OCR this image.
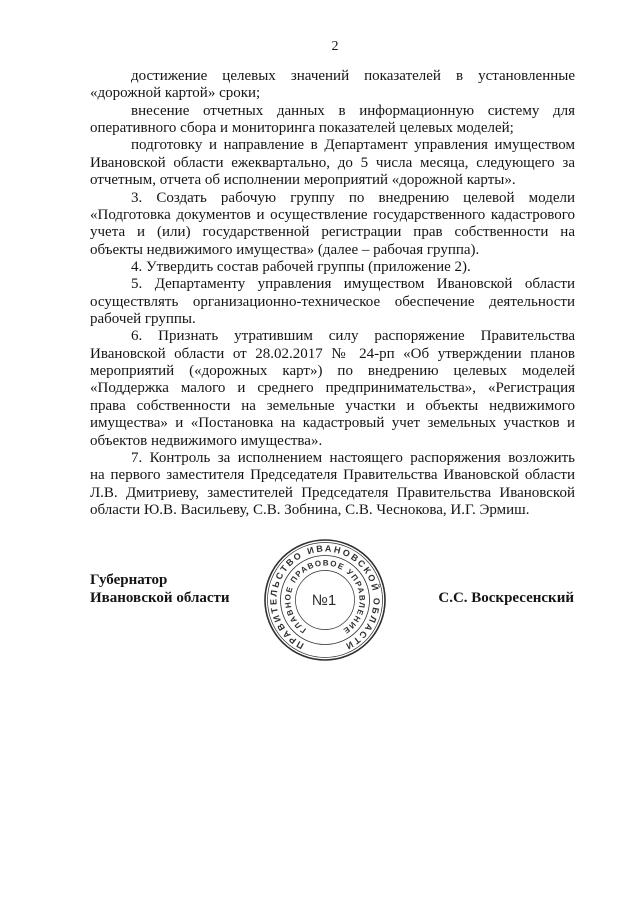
2
достижение целевых значений показателей в установленные
«дорожной картой» сроки;
внесение отчетных данных в информационную систему для
оперативного сбора и мониторинга показателей целевых моделей;
подготовку и направление в Департамент управления имуществом
Ивановской области ежеквартально, до 5 числа месяца, следующего за
отчетным, отчета об исполнении мероприятий «дорожной карты».
3. Создать рабочую группу по внедрению целевой модели
«Подготовка документов и осуществление государственного кадастрового
учета и (или) государственной регистрации прав собственности на
объекты недвижимого имущества» (далее – рабочая группа).
4. Утвердить состав рабочей группы (приложение 2).
5. Департаменту управления имуществом Ивановской области
осуществлять организационно-техническое обеспечение деятельности
рабочей группы.
6. Признать утратившим силу распоряжение Правительства
Ивановской области от 28.02.2017 № 24-рп «Об утверждении планов
мероприятий («дорожных карт») по внедрению целевых моделей
«Поддержка малого и среднего предпринимательства», «Регистрация
права собственности на земельные участки и объекты недвижимого
имущества» и «Постановка на кадастровый учет земельных участков и
объектов недвижимого имущества».
7. Контроль за исполнением настоящего распоряжения возложить
на первого заместителя Председателя Правительства Ивановской области
Л.В. Дмитриеву, заместителей Председателя Правительства Ивановской
области Ю.В. Васильеву, С.В. Зобнина, С.В. Чеснокова, И.Г. Эрмиш.
Губернатор
Ивановской области
ПРАВИТЕЛЬСТВО ИВАНОВСКОЙ ОБЛАСТИ
ГЛАВНОЕ ПРАВОВОЕ УПРАВЛЕНИЕ
№1	С.С. Воскресенский
